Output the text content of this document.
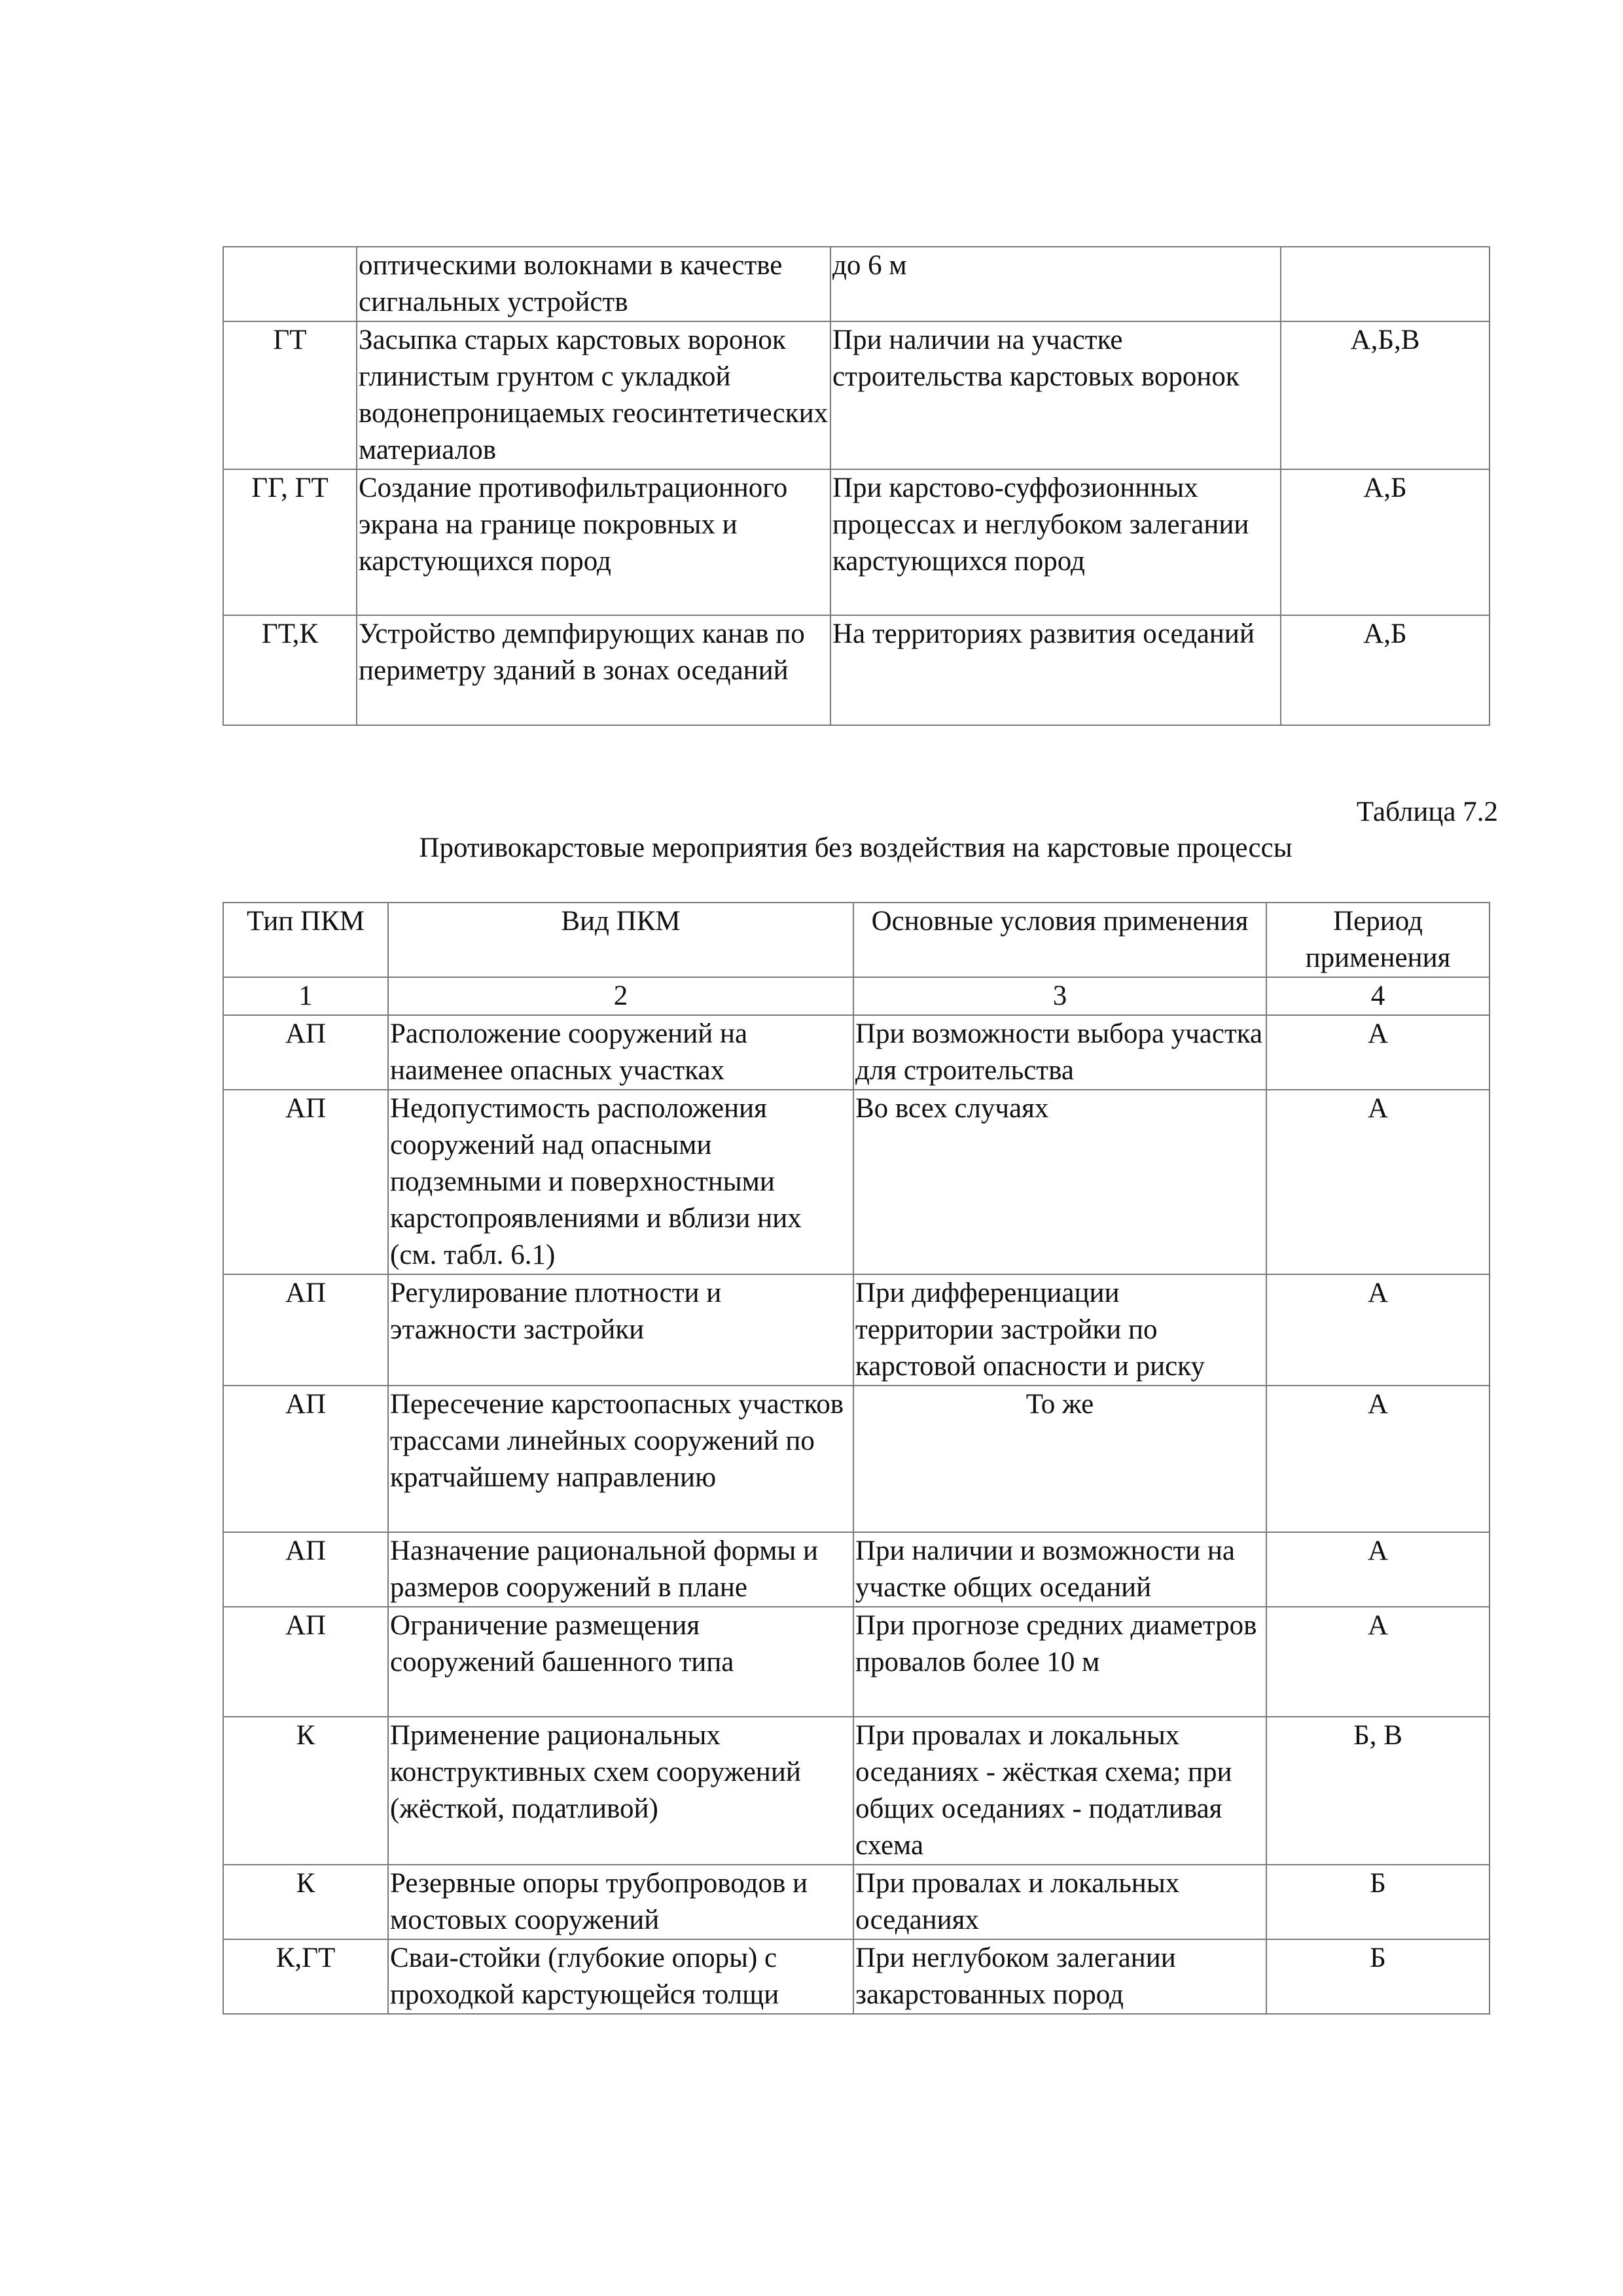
	оптическими волокнами в качестве сигнальных устройств	до 6 м	
ГТ	Засыпка старых карстовых воронок глинистым грунтом с укладкой водонепроницаемых геосинтетических материалов	При наличии на участке строительства карстовых воронок	А,Б,В
ГГ, ГТ	Создание противофильтрационного экрана на границе покровных и карстующихся пород	При карстово-суффозионнных процессах и неглубоком залегании карстующихся пород	А,Б
ГТ,К	Устройство демпфирующих канав по периметру зданий в зонах оседаний	На территориях развития оседаний	А,Б
Таблица 7.2
Противокарстовые мероприятия без воздействия на карстовые процессы
Тип ПКМ	Вид ПКМ	Основные условия применения	Период применения
1	2	3	4
АП	Расположение сооружений на наименее опасных участках	При возможности выбора участка для строительства	А
АП	Недопустимость расположения сооружений над опасными подземными и поверхностными карстопроявлениями и вблизи них (см. табл. 6.1)	Во всех случаях	А
АП	Регулирование плотности и этажности застройки	При дифференциации территории застройки по карстовой опасности и риску	А
АП	Пересечение карстоопасных участков трассами линейных сооружений по кратчайшему направлению	То же	А
АП	Назначение рациональной формы и размеров сооружений в плане	При наличии и возможности на участке общих оседаний	А
АП	Ограничение размещения сооружений башенного типа	При прогнозе средних диаметров провалов более 10 м	А
К	Применение рациональных конструктивных схем сооружений (жёсткой, податливой)	При провалах и локальных оседаниях - жёсткая схема; при общих оседаниях - податливая схема	Б, В
К	Резервные опоры трубопроводов и мостовых сооружений	При провалах и локальных оседаниях	Б
К,ГТ	Сваи-стойки (глубокие опоры) с проходкой карстующейся толщи	При неглубоком залегании закарстованных пород	Б
